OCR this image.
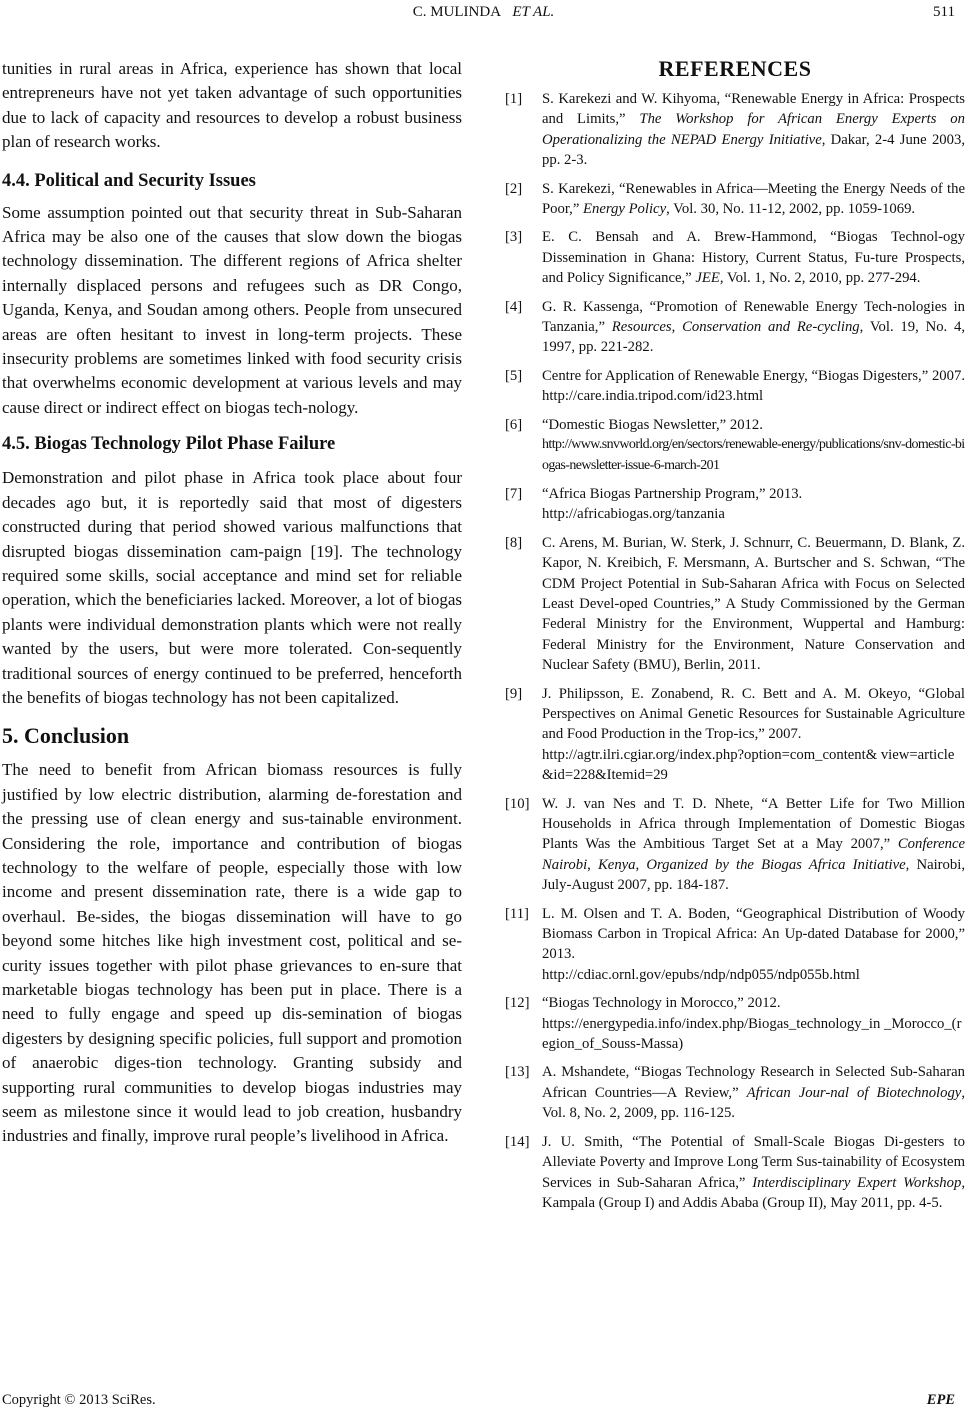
C. MULINDA ET AL.	511

tunities in rural areas in Africa, experience has shown that local entrepreneurs have not yet taken advantage of such opportunities due to lack of capacity and resources to develop a robust business plan of research works.

4.4. Political and Security Issues

Some assumption pointed out that security threat in Sub-Saharan Africa may be also one of the causes that slow down the biogas technology dissemination. The different regions of Africa shelter internally displaced persons and refugees such as DR Congo, Uganda, Kenya, and Soudan among others. People from unsecured areas are often hesitant to invest in long-term projects. These insecurity problems are sometimes linked with food security crisis that overwhelms economic development at various levels and may cause direct or indirect effect on biogas tech-nology.

4.5. Biogas Technology Pilot Phase Failure

Demonstration and pilot phase in Africa took place about four decades ago but, it is reportedly said that most of digesters constructed during that period showed various malfunctions that disrupted biogas dissemination cam-paign [19]. The technology required some skills, social acceptance and mind set for reliable operation, which the beneficiaries lacked. Moreover, a lot of biogas plants were individual demonstration plants which were not really wanted by the users, but were more tolerated. Con-sequently traditional sources of energy continued to be preferred, henceforth the benefits of biogas technology has not been capitalized.

5. Conclusion

The need to benefit from African biomass resources is fully justified by low electric distribution, alarming de-forestation and the pressing use of clean energy and sus-tainable environment. Considering the role, importance and contribution of biogas technology to the welfare of people, especially those with low income and present dissemination rate, there is a wide gap to overhaul. Be-sides, the biogas dissemination will have to go beyond some hitches like high investment cost, political and se-curity issues together with pilot phase grievances to en-sure that marketable biogas technology has been put in place. There is a need to fully engage and speed up dis-semination of biogas digesters by designing specific policies, full support and promotion of anaerobic diges-tion technology. Granting subsidy and supporting rural communities to develop biogas industries may seem as milestone since it would lead to job creation, husbandry industries and finally, improve rural people’s livelihood in Africa.

REFERENCES
[1] S. Karekezi and W. Kihyoma, “Renewable Energy in Africa: Prospects and Limits,” The Workshop for African Energy Experts on Operationalizing the NEPAD Energy Initiative, Dakar, 2-4 June 2003, pp. 2-3.
[2] S. Karekezi, “Renewables in Africa—Meeting the Energy Needs of the Poor,” Energy Policy, Vol. 30, No. 11-12, 2002, pp. 1059-1069.
[3] E. C. Bensah and A. Brew-Hammond, “Biogas Technol-ogy Dissemination in Ghana: History, Current Status, Fu-ture Prospects, and Policy Significance,” JEE, Vol. 1, No. 2, 2010, pp. 277-294.
[4] G. R. Kassenga, “Promotion of Renewable Energy Tech-nologies in Tanzania,” Resources, Conservation and Re-cycling, Vol. 19, No. 4, 1997, pp. 221-282.
[5] Centre for Application of Renewable Energy, “Biogas Digesters,” 2007. http://care.india.tripod.com/id23.html
[6] “Domestic Biogas Newsletter,” 2012.
http://www.snvworld.org/en/sectors/renewable-energy/publications/snv-domestic-biogas-newsletter-issue-6-march-201
[7] “Africa Biogas Partnership Program,” 2013.
http://africabiogas.org/tanzania
[8] C. Arens, M. Burian, W. Sterk, J. Schnurr, C. Beuermann, D. Blank, Z. Kapor, N. Kreibich, F. Mersmann, A. Burtscher and S. Schwan, “The CDM Project Potential in Sub-Saharan Africa with Focus on Selected Least Devel-oped Countries,” A Study Commissioned by the German Federal Ministry for the Environment, Wuppertal and Hamburg: Federal Ministry for the Environment, Nature Conservation and Nuclear Safety (BMU), Berlin, 2011.
[9] J. Philipsson, E. Zonabend, R. C. Bett and A. M. Okeyo, “Global Perspectives on Animal Genetic Resources for Sustainable Agriculture and Food Production in the Trop-ics,” 2007.
http://agtr.ilri.cgiar.org/index.php?option=com_content& view=article&id=228&Itemid=29
[10] W. J. van Nes and T. D. Nhete, “A Better Life for Two Million Households in Africa through Implementation of Domestic Biogas Plants Was the Ambitious Target Set at a May 2007,” Conference Nairobi, Kenya, Organized by the Biogas Africa Initiative, Nairobi, July-August 2007, pp. 184-187.
[11] L. M. Olsen and T. A. Boden, “Geographical Distribution of Woody Biomass Carbon in Tropical Africa: An Up-dated Database for 2000,” 2013.
http://cdiac.ornl.gov/epubs/ndp/ndp055/ndp055b.html
[12] “Biogas Technology in Morocco,” 2012.
https://energypedia.info/index.php/Biogas_technology_in _Morocco_(region_of_Souss-Massa)
[13] A. Mshandete, “Biogas Technology Research in Selected Sub-Saharan African Countries—A Review,” African Jour-nal of Biotechnology, Vol. 8, No. 2, 2009, pp. 116-125.
[14] J. U. Smith, “The Potential of Small-Scale Biogas Di-gesters to Alleviate Poverty and Improve Long Term Sus-tainability of Ecosystem Services in Sub-Saharan Africa,” Interdisciplinary Expert Workshop, Kampala (Group I) and Addis Ababa (Group II), May 2011, pp. 4-5.
Copyright © 2013 SciRes.	EPE
